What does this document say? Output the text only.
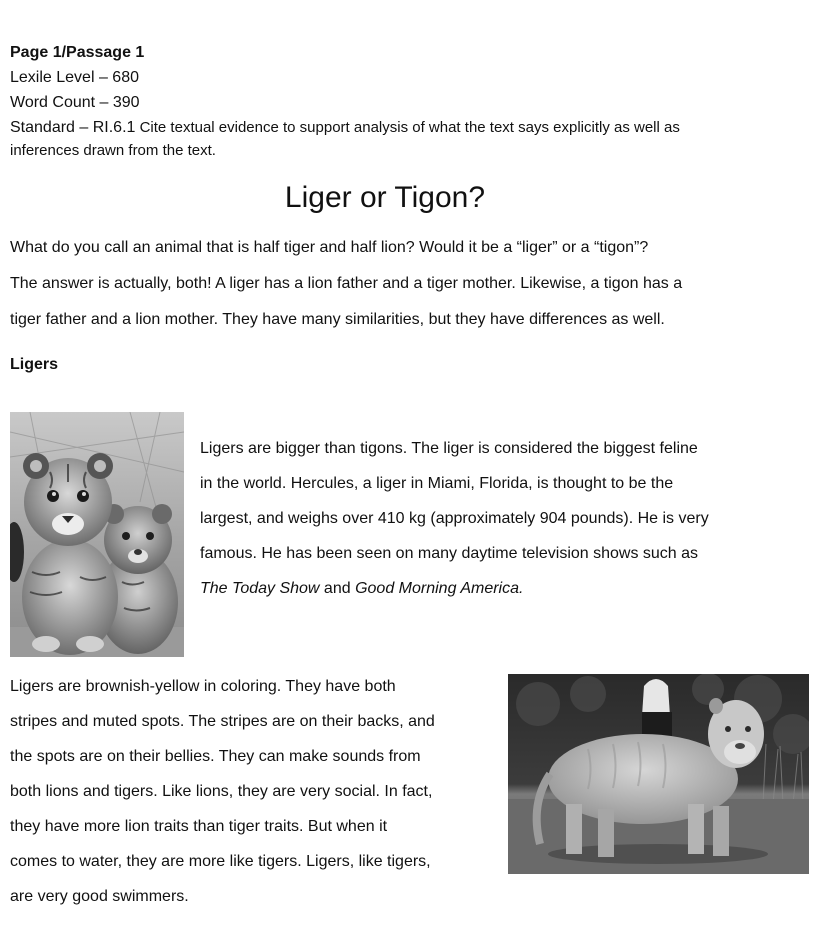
Page 1/Passage 1
Lexile Level – 680
Word Count – 390
Standard – RI.6.1 Cite textual evidence to support analysis of what the text says explicitly as well as
inferences drawn from the text.
Liger or Tigon?

What do you call an animal that is half tiger and half lion? Would it be a “liger” or a “tigon”?

The answer is actually, both! A liger has a lion father and a tiger mother. Likewise, a tigon has a

tiger father and a lion mother. They have many similarities, but they have differences as well.

Ligers

Ligers are bigger than tigons. The liger is considered the biggest feline

in the world. Hercules, a liger in Miami, Florida, is thought to be the

largest, and weighs over 410 kg (approximately 904 pounds). He is very

famous. He has been seen on many daytime television shows such as

The Today Show and Good Morning America.

Ligers are brownish-yellow in coloring. They have both

stripes and muted spots. The stripes are on their backs, and

the spots are on their bellies. They can make sounds from

both lions and tigers. Like lions, they are very social. In fact,

they have more lion traits than tiger traits. But when it

comes to water, they are more like tigers. Ligers, like tigers,

are very good swimmers.
